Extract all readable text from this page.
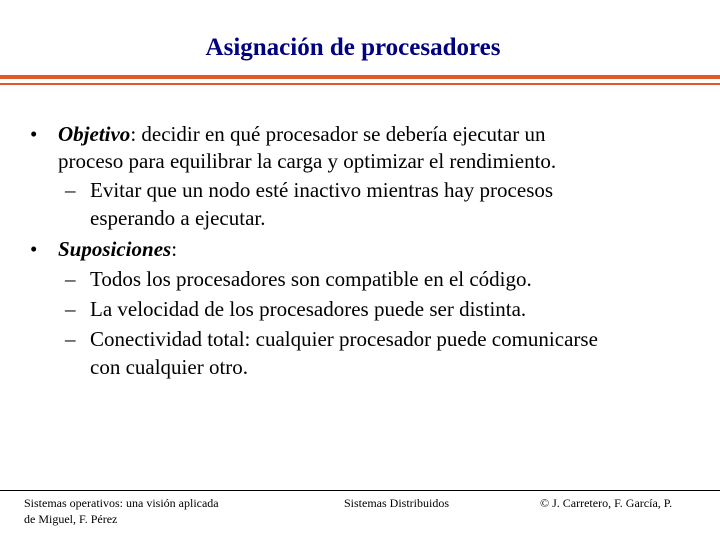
Asignación de procesadores
• Objetivo: decidir en qué procesador se debería ejecutar un
proceso para equilibrar la carga y optimizar el rendimiento.
– Evitar que un nodo esté inactivo mientras hay procesos
esperando a ejecutar.
• Suposiciones:
– Todos los procesadores son compatible en el código.
– La velocidad de los procesadores puede ser distinta.
– Conectividad total: cualquier procesador puede comunicarse
con cualquier otro.
Sistemas operativos: una visión aplicada
de Miguel, F. Pérez
Sistemas Distribuidos	© J. Carretero, F. García, P.
